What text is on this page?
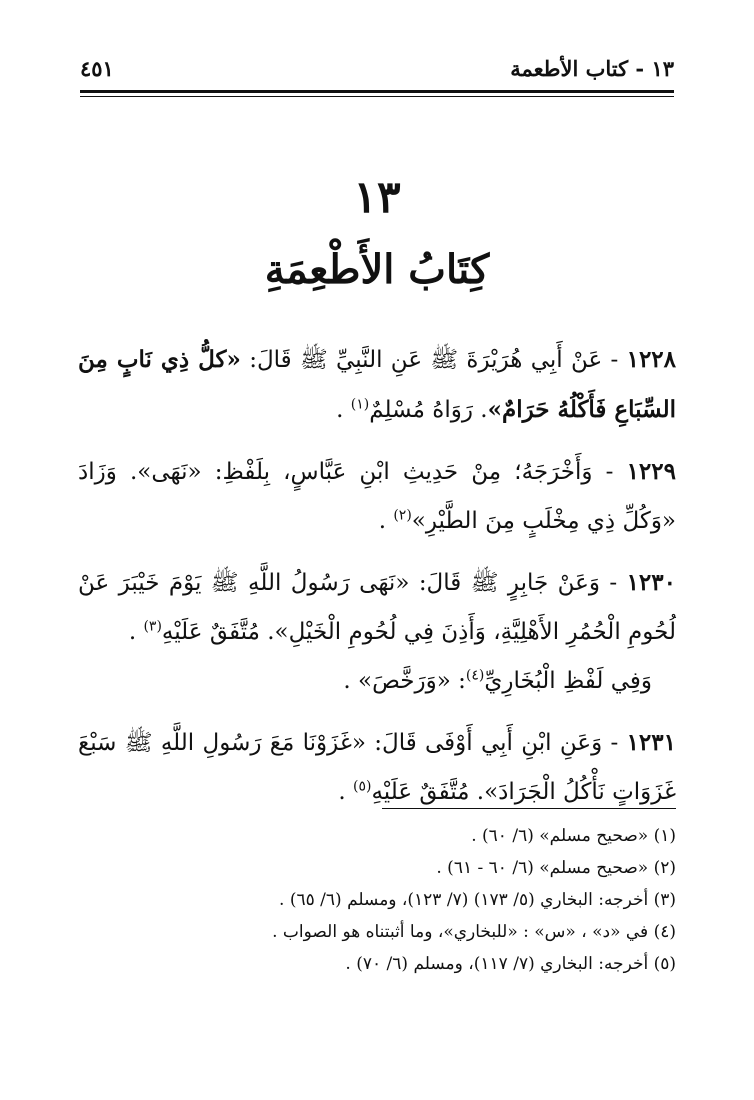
١٣ - كتاب الأطعمة
٤٥١
١٣
كِتَابُ الأَطْعِمَةِ

١٢٢٨ - عَنْ أَبِي هُرَيْرَةَ ﷺ عَنِ النَّبِيِّ ﷺ قَالَ: «كلُّ ذِي نَابٍ مِنَ السِّبَاعِ فَأَكْلُهُ حَرَامٌ». رَوَاهُ مُسْلِمٌ$^{(١)}$ .

١٢٢٩ - وَأَخْرَجَهُ؛ مِنْ حَدِيثِ ابْنِ عَبَّاسٍ، بِلَفْظِ: «نَهَى». وَزَادَ «وَكُلِّ ذِي مِخْلَبٍ مِنَ الطَّيْرِ»$^{(٢)}$ .

١٢٣٠ - وَعَنْ جَابِرٍ ﷺ قَالَ: «نَهَى رَسُولُ اللَّهِ ﷺ يَوْمَ خَيْبَرَ عَنْ لُحُومِ الْحُمُرِ الأَهْلِيَّةِ، وَأَذِنَ فِي لُحُومِ الْخَيْلِ». مُتَّفَقٌ عَلَيْهِ$^{(٣)}$ .
وَفِي لَفْظِ الْبُخَارِيِّ$^{(٤)}$: «وَرَخَّصَ» .

١٢٣١ - وَعَنِ ابْنِ أَبِي أَوْفَى قَالَ: «غَزَوْنَا مَعَ رَسُولِ اللَّهِ ﷺ سَبْعَ غَزَوَاتٍ نَأْكُلُ الْجَرَادَ». مُتَّفَقٌ عَلَيْهِ$^{(٥)}$ .

(١) «صحيح مسلم» (٦/ ٦٠) .
(٢) «صحيح مسلم» (٦/ ٦٠ - ٦١) .
(٣) أخرجه: البخاري (٥/ ١٧٣) (٧/ ١٢٣)، ومسلم (٦/ ٦٥) .
(٤) في «د» ، «س» : «للبخاري»، وما أثبتناه هو الصواب .
(٥) أخرجه: البخاري (٧/ ١١٧)، ومسلم (٦/ ٧٠) .
